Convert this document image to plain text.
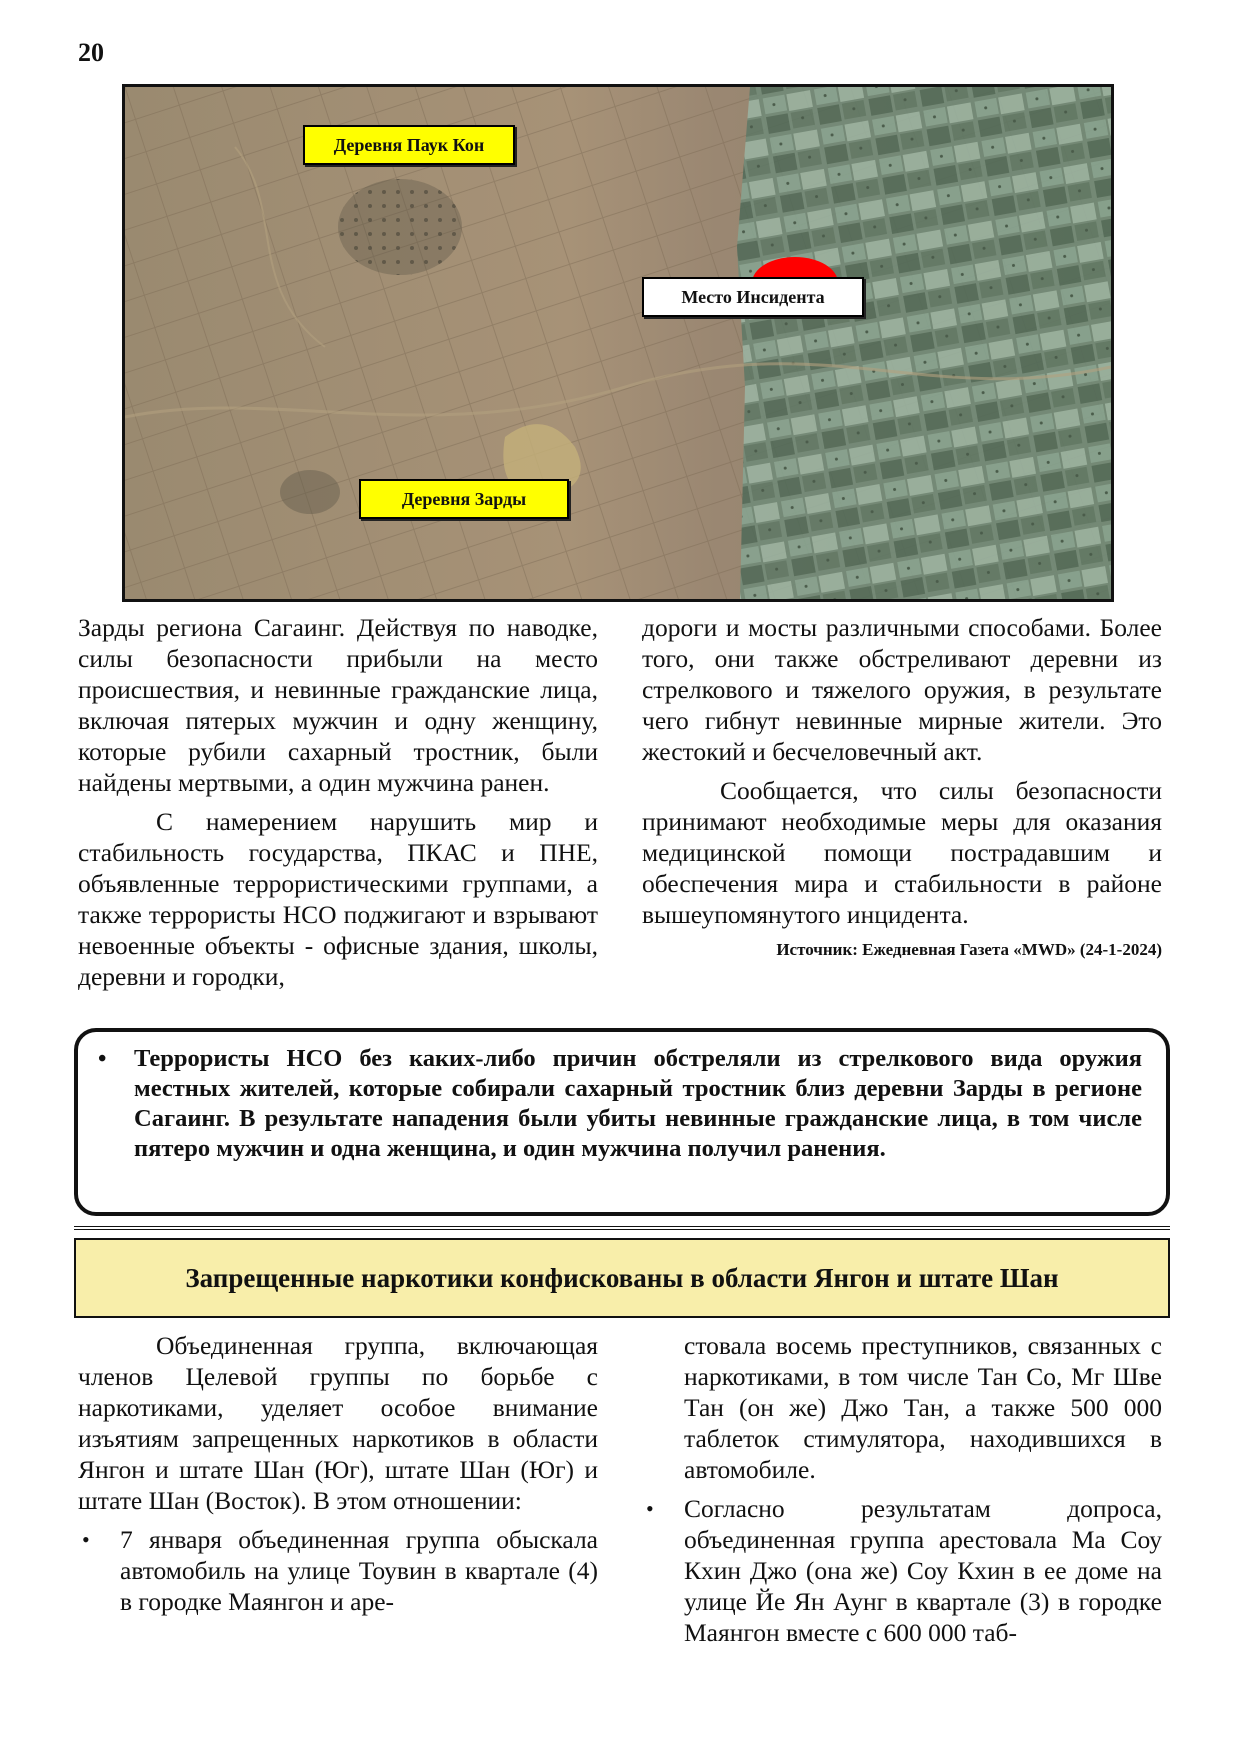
20
Деревня Паук Кон
Место Инсидента
Деревня Зарды

Зарды региона Сагаинг. Действуя по наводке, силы безопасности прибыли на место происшествия, и невинные гражданские лица, включая пятерых мужчин и одну женщину, которые рубили сахарный тростник, были найдены мертвыми, а один мужчина ранен.

С намерением нарушить мир и стабильность государства, ПКАС и ПНЕ, объявленные террористическими группами, а также террористы НСО поджигают и взрывают невоенные объекты - офисные здания, школы, деревни и городки,

дороги и мосты различными способами. Более того, они также обстреливают деревни из стрелкового и тяжелого оружия, в результате чего гибнут невинные мирные жители. Это жестокий и бесчеловечный акт.

Сообщается, что силы безопасности принимают необходимые меры для оказания медицинской помощи пострадавшим и обеспечения мира и стабильности в районе вышеупомянутого инцидента.

Источник: Ежедневная Газета «MWD» (24-1-2024)

• Террористы НСО без каких-либо причин обстреляли из стрелкового вида оружия местных жителей, которые собирали сахарный тростник близ деревни Зарды в регионе Сагаинг. В результате нападения были убиты невинные гражданские лица, в том числе пятеро мужчин и одна женщина, и один мужчина получил ранения.
Запрещенные наркотики конфискованы в области Янгон и штате Шан

Объединенная группа, включающая членов Целевой группы по борьбе с наркотиками, уделяет особое внимание изъятиям запрещенных наркотиков в области Янгон и штате Шан (Юг), штате Шан (Юг) и штате Шан (Восток). В этом отношении:

• 7 января объединенная группа обыскала автомобиль на улице Тоувин в квартале (4) в городке Маянгон и аре-

стовала восемь преступников, связанных с наркотиками, в том числе Тан Со, Мг Шве Тан (он же) Джо Тан, а также 500 000 таблеток стимулятора, находившихся в автомобиле.

• Согласно результатам допроса, объединенная группа арестовала Ма Соу Кхин Джо (она же) Соу Кхин в ее доме на улице Йе Ян Аунг в квартале (3) в городке Маянгон вместе с 600 000 таб-
